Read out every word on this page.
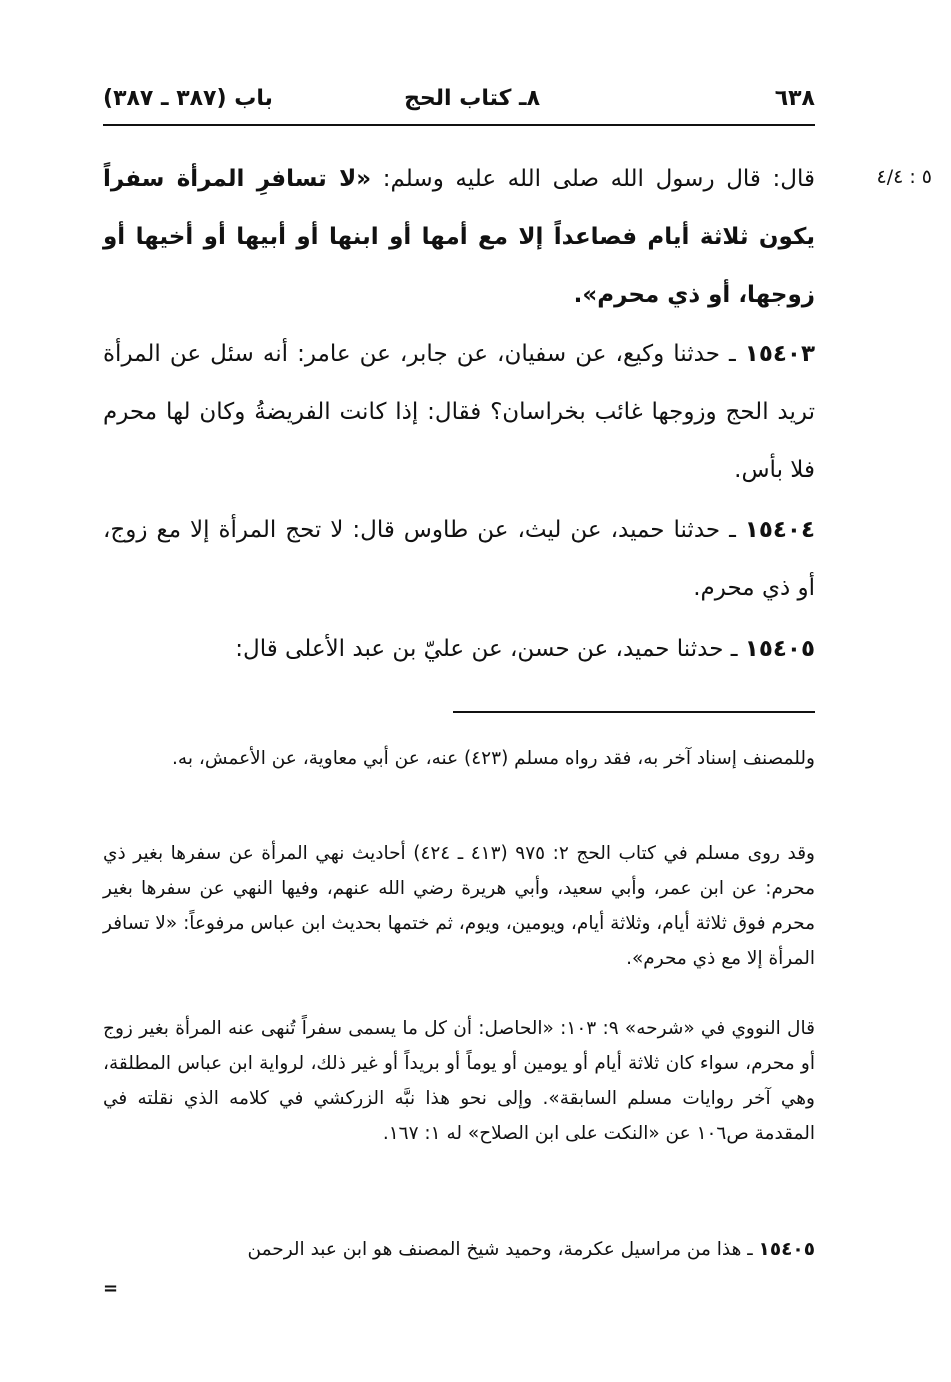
٦٣٨
٨ـ كتاب الحج
باب (٣٨٧ ـ ٣٨٧)
٥ : ٤/٤

قال: قال رسول الله صلى الله عليه وسلم: «لا تسافرِ المرأة سفراً يكون ثلاثة أيام فصاعداً إلا مع أمها أو ابنها أو أبيها أو أخيها أو زوجها، أو ذي محرم».

١٥٤٠٣ ـ حدثنا وكيع، عن سفيان، عن جابر، عن عامر: أنه سئل عن المرأة تريد الحج وزوجها غائب بخراسان؟ فقال: إذا كانت الفريضةُ وكان لها محرم فلا بأس.

١٥٤٠٤ ـ حدثنا حميد، عن ليث، عن طاوس قال: لا تحج المرأة إلا مع زوج، أو ذي محرم.

١٥٤٠٥ ـ حدثنا حميد، عن حسن، عن عليّ بن عبد الأعلى قال:

وللمصنف إسناد آخر به، فقد رواه مسلم (٤٢٣) عنه، عن أبي معاوية، عن الأعمش، به.

وقد روى مسلم في كتاب الحج ٢: ٩٧٥ (٤١٣ ـ ٤٢٤) أحاديث نهي المرأة عن سفرها بغير ذي محرم: عن ابن عمر، وأبي سعيد، وأبي هريرة رضي الله عنهم، وفيها النهي عن سفرها بغير محرم فوق ثلاثة أيام، وثلاثة أيام، ويومين، ويوم، ثم ختمها بحديث ابن عباس مرفوعاً: «لا تسافر المرأة إلا مع ذي محرم».

قال النووي في «شرحه» ٩: ١٠٣: «الحاصل: أن كل ما يسمى سفراً تُنهى عنه المرأة بغير زوج أو محرم، سواء كان ثلاثة أيام أو يومين أو يوماً أو بريداً أو غير ذلك، لرواية ابن عباس المطلقة، وهي آخر روايات مسلم السابقة». وإلى نحو هذا نبَّه الزركشي في كلامه الذي نقلته في المقدمة ص١٠٦ عن «النكت على ابن الصلاح» له ١: ١٦٧.

١٥٤٠٥ ـ هذا من مراسيل عكرمة، وحميد شيخ المصنف هو ابن عبد الرحمن

=
